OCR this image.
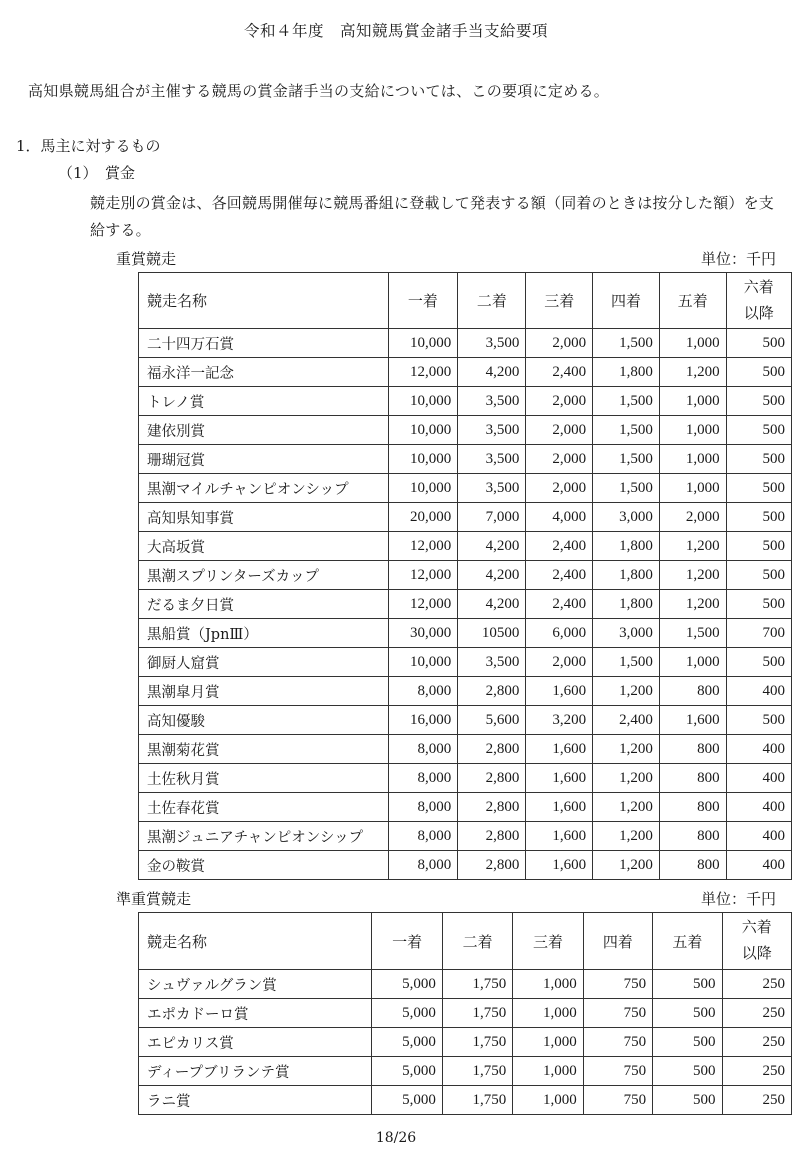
令和４年度　高知競馬賞金諸手当支給要項
高知県競馬組合が主催する競馬の賞金諸手当の支給については、この要項に定める。
1．馬主に対するもの
（1）　賞金
競走別の賞金は、各回競馬開催毎に競馬番組に登載して発表する額（同着のときは按分した額）を支給する。
重賞競走	単位：千円
競走名称	一着	二着	三着	四着	五着	六着
以降
二十四万石賞	10,000	3,500	2,000	1,500	1,000	500
福永洋一記念	12,000	4,200	2,400	1,800	1,200	500
トレノ賞	10,000	3,500	2,000	1,500	1,000	500
建依別賞	10,000	3,500	2,000	1,500	1,000	500
珊瑚冠賞	10,000	3,500	2,000	1,500	1,000	500
黒潮マイルチャンピオンシップ	10,000	3,500	2,000	1,500	1,000	500
高知県知事賞	20,000	7,000	4,000	3,000	2,000	500
大高坂賞	12,000	4,200	2,400	1,800	1,200	500
黒潮スプリンターズカップ	12,000	4,200	2,400	1,800	1,200	500
だるま夕日賞	12,000	4,200	2,400	1,800	1,200	500
黒船賞（JpnⅢ）	30,000	10500	6,000	3,000	1,500	700
御厨人窟賞	10,000	3,500	2,000	1,500	1,000	500
黒潮皐月賞	8,000	2,800	1,600	1,200	800	400
高知優駿	16,000	5,600	3,200	2,400	1,600	500
黒潮菊花賞	8,000	2,800	1,600	1,200	800	400
土佐秋月賞	8,000	2,800	1,600	1,200	800	400
土佐春花賞	8,000	2,800	1,600	1,200	800	400
黒潮ジュニアチャンピオンシップ	8,000	2,800	1,600	1,200	800	400
金の鞍賞	8,000	2,800	1,600	1,200	800	400
準重賞競走	単位：千円
競走名称	一着	二着	三着	四着	五着	六着
以降
シュヴァルグラン賞	5,000	1,750	1,000	750	500	250
エポカドーロ賞	5,000	1,750	1,000	750	500	250
エピカリス賞	5,000	1,750	1,000	750	500	250
ディープブリランテ賞	5,000	1,750	1,000	750	500	250
ラニ賞	5,000	1,750	1,000	750	500	250
18/26
